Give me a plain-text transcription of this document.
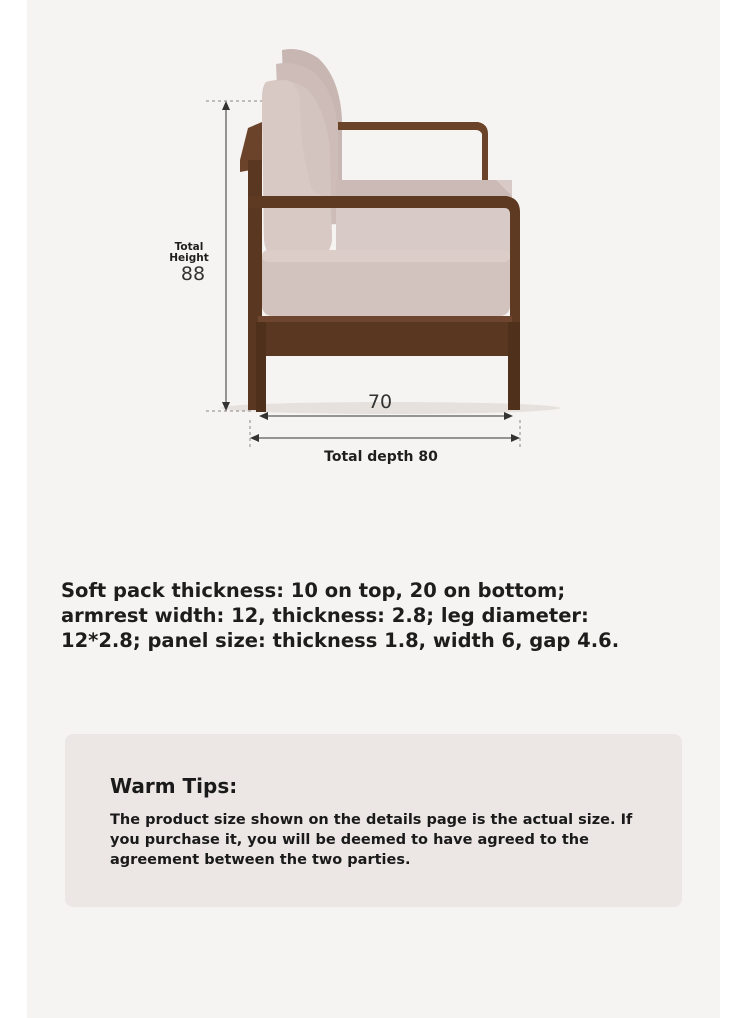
Total Height
88
70
Total depth 80
Soft pack thickness: 10 on top, 20 on bottom; armrest width: 12, thickness: 2.8; leg diameter: 12*2.8; panel size: thickness 1.8, width 6, gap 4.6.
Warm Tips:
The product size shown on the details page is the actual size. If you purchase it, you will be deemed to have agreed to the agreement between the two parties.
